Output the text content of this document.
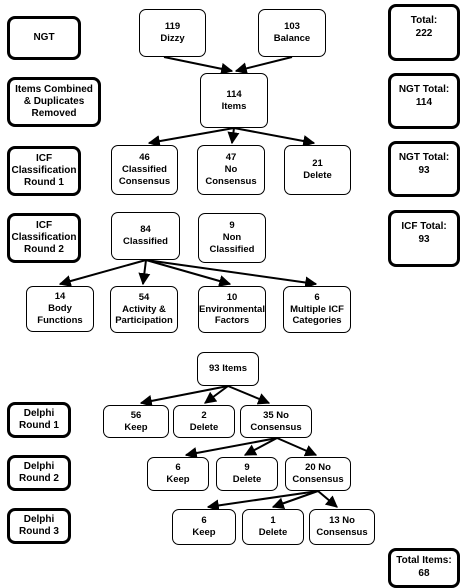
NGT
Items Combined
& Duplicates
Removed
ICF
Classification
Round 1
ICF
Classification
Round 2
Delphi
Round 1
Delphi
Round 2
Delphi
Round 3
Total:
222
NGT Total:
114
NGT Total:
93
ICF Total:
93
Total Items:
68
119
Dizzy
103
Balance
114
Items
46
Classified
Consensus
47
No
Consensus
21
Delete
84
Classified
9
Non
Classified
14
Body
Functions
54
Activity &
Participation
10
Environmental
Factors
6
Multiple ICF
Categories
93 Items
56
Keep
2
Delete
35 No
Consensus
6
Keep
9
Delete
20 No
Consensus
6
Keep
1
Delete
13 No
Consensus
